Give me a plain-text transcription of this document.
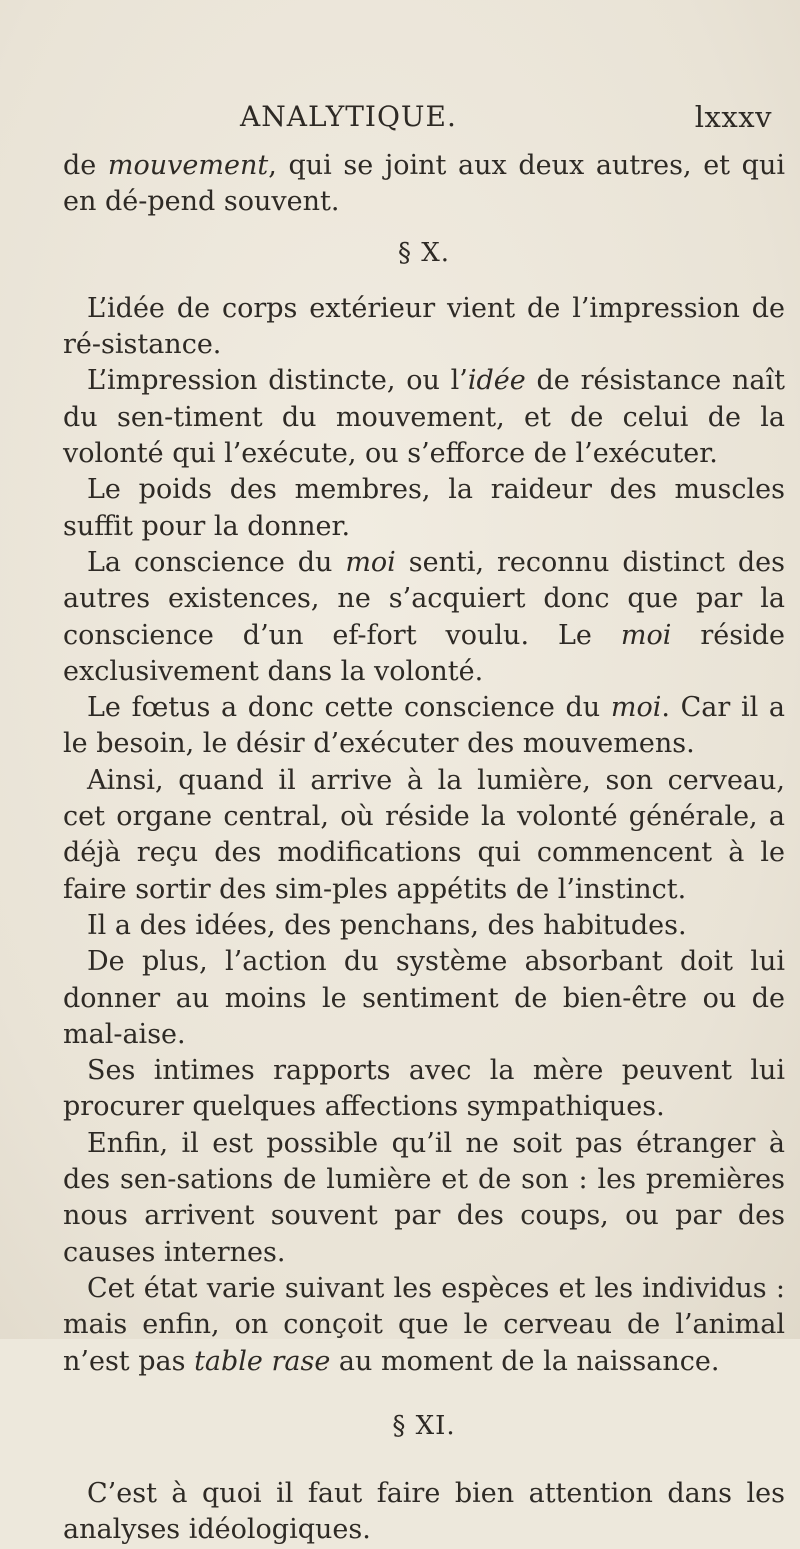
ANALYTIQUE.	lxxxv

de mouvement, qui se joint aux deux autres, et qui en dé-pend souvent.

§ X.

L’idée de corps extérieur vient de l’impression de ré-sistance.

L’impression distincte, ou l’idée de résistance naît du sen-timent du mouvement, et de celui de la volonté qui l’exécute, ou s’efforce de l’exécuter.

Le poids des membres, la raideur des muscles suffit pour la donner.

La conscience du moi senti, reconnu distinct des autres existences, ne s’acquiert donc que par la conscience d’un ef-fort voulu. Le moi réside exclusivement dans la volonté.

Le fœtus a donc cette conscience du moi. Car il a le besoin, le désir d’exécuter des mouvemens.

Ainsi, quand il arrive à la lumière, son cerveau, cet organe central, où réside la volonté générale, a déjà reçu des modifications qui commencent à le faire sortir des sim-ples appétits de l’instinct.

Il a des idées, des penchans, des habitudes.

De plus, l’action du système absorbant doit lui donner au moins le sentiment de bien-être ou de mal-aise.

Ses intimes rapports avec la mère peuvent lui procurer quelques affections sympathiques.

Enfin, il est possible qu’il ne soit pas étranger à des sen-sations de lumière et de son : les premières nous arrivent souvent par des coups, ou par des causes internes.

Cet état varie suivant les espèces et les individus : mais enfin, on conçoit que le cerveau de l’animal n’est pas table rase au moment de la naissance.

§ XI.

C’est à quoi il faut faire bien attention dans les analyses idéologiques.
